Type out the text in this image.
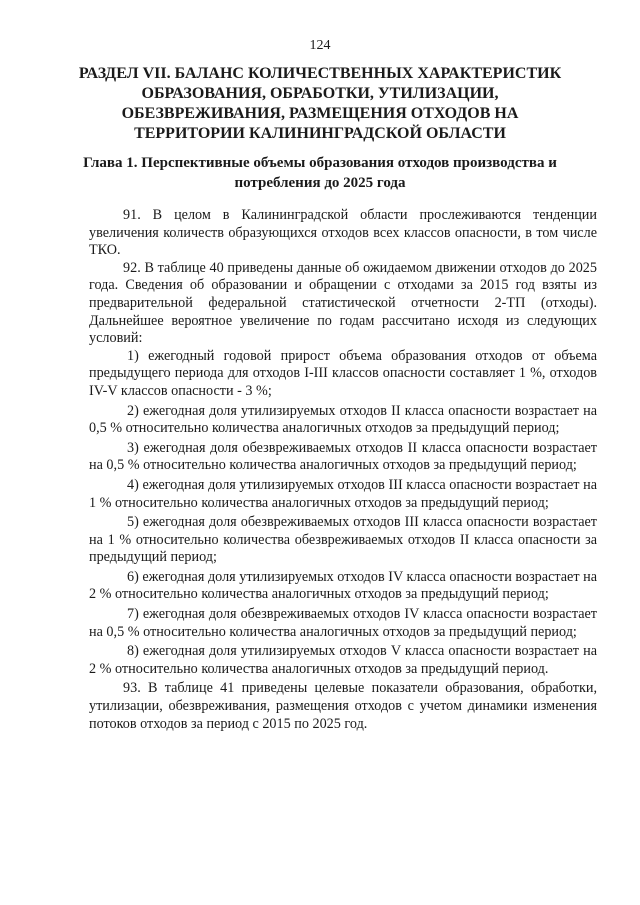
124
РАЗДЕЛ VII. БАЛАНС КОЛИЧЕСТВЕННЫХ ХАРАКТЕРИСТИК ОБРАЗОВАНИЯ, ОБРАБОТКИ, УТИЛИЗАЦИИ, ОБЕЗВРЕЖИВАНИЯ, РАЗМЕЩЕНИЯ ОТХОДОВ НА ТЕРРИТОРИИ КАЛИНИНГРАДСКОЙ ОБЛАСТИ
Глава 1. Перспективные объемы образования отходов производства и потребления до 2025 года

91. В целом в Калининградской области прослеживаются тенденции увеличения количеств образующихся отходов всех классов опасности, в том числе ТКО.

92. В таблице 40 приведены данные об ожидаемом движении отходов до 2025 года. Сведения об образовании и обращении с отходами за 2015 год взяты из предварительной федеральной статистической отчетности 2-ТП (отходы). Дальнейшее вероятное увеличение по годам рассчитано исходя из следующих условий:

1) ежегодный годовой прирост объема образования отходов от объема предыдущего периода для отходов I-III классов опасности составляет 1 %, отходов IV-V классов опасности - 3 %;

2) ежегодная доля утилизируемых отходов II класса опасности возрастает на 0,5 % относительно количества аналогичных отходов за предыдущий период;

3) ежегодная доля обезвреживаемых отходов II класса опасности возрастает на 0,5 % относительно количества аналогичных отходов за предыдущий период;

4) ежегодная доля утилизируемых отходов III класса опасности возрастает на 1 % относительно количества аналогичных отходов за предыдущий период;

5) ежегодная доля обезвреживаемых отходов III класса опасности возрастает на 1 % относительно количества обезвреживаемых отходов II класса опасности за предыдущий период;

6) ежегодная доля утилизируемых отходов IV класса опасности возрастает на 2 % относительно количества аналогичных отходов за предыдущий период;

7) ежегодная доля обезвреживаемых отходов IV класса опасности возрастает на 0,5 % относительно количества аналогичных отходов за предыдущий период;

8) ежегодная доля утилизируемых отходов V класса опасности возрастает на 2 % относительно количества аналогичных отходов за предыдущий период.

93. В таблице 41 приведены целевые показатели образования, обработки, утилизации, обезвреживания, размещения отходов с учетом динамики изменения потоков отходов за период с 2015 по 2025 год.
